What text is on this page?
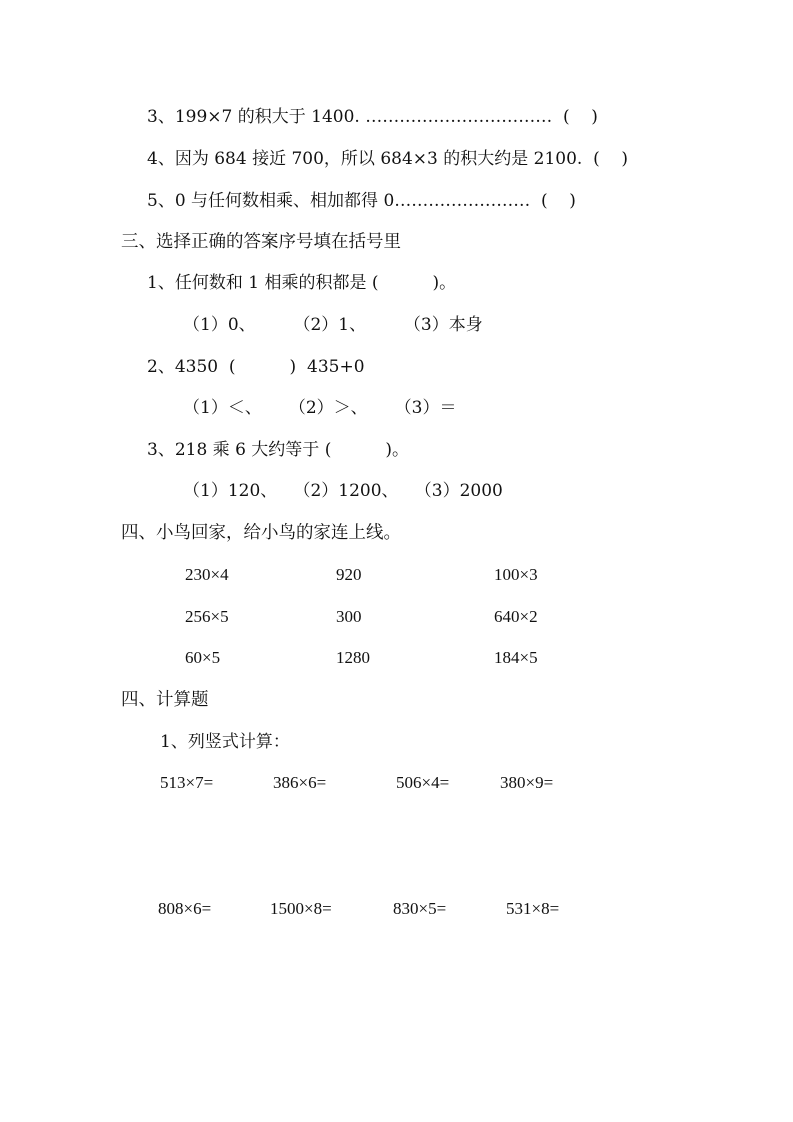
3、199×7 的积大于 1400. ……………………………  (    )
4、因为 684 接近 700，所以 684×3 的积大约是 2100.  (    )
5、0 与任何数相乘、相加都得 0……………………  (    )
三、选择正确的答案序号填在括号里
1、任何数和 1 相乘的积都是 (          )。
（1）0、       （2）1、       （3）本身
2、4350  (          )  435+0
（1）＜、     （2）＞、     （3）＝
3、218 乘 6 大约等于 (          )。
（1）120、   （2）1200、   （3）2000
四、小鸟回家，给小鸟的家连上线。
230×4	920	100×3
256×5	300	640×2
60×5	1280	184×5
四、计算题
1、列竖式计算：
513×7=	386×6=	506×4=	380×9=
808×6=	1500×8=	830×5=	531×8=
